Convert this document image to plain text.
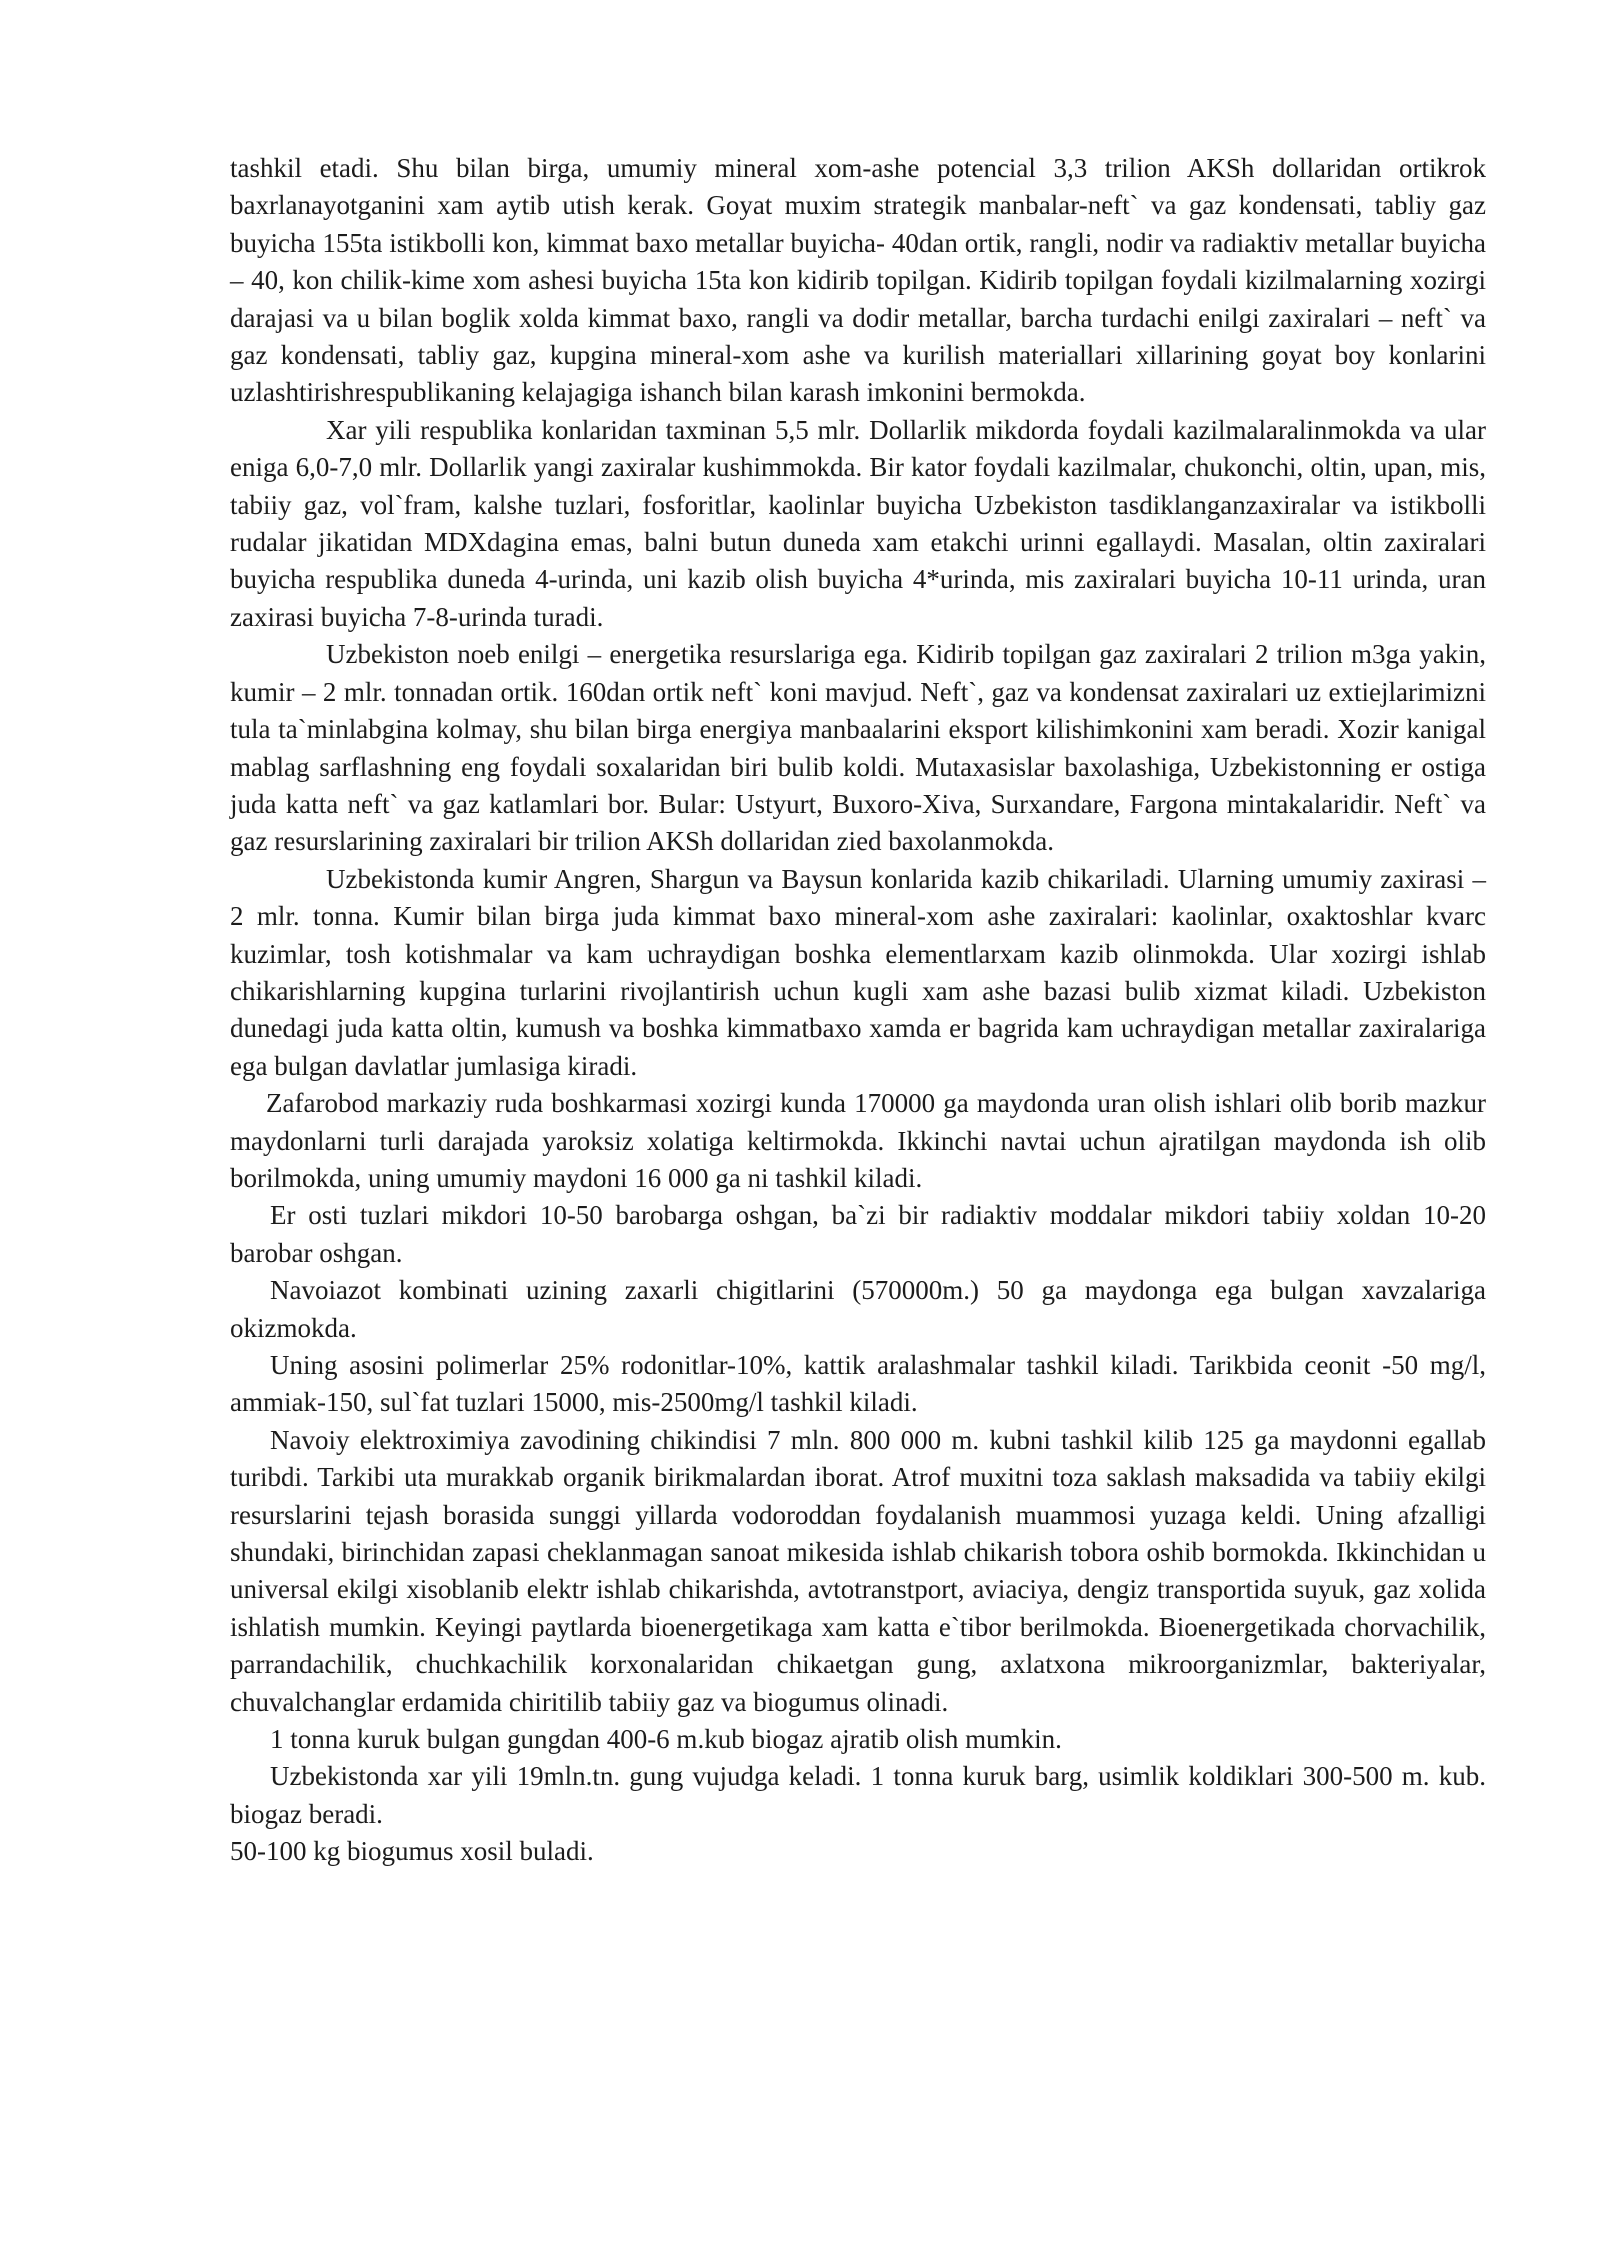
tashkil etadi. Shu bilan birga, umumiy mineral xom-ashe potencial 3,3 trilion AKSh dollaridan ortikrok baxrlanayotganini xam aytib utish kerak. Goyat muxim strategik manbalar-neft` va gaz kondensati, tabliy gaz buyicha 155ta istikbolli kon, kimmat baxo metallar buyicha- 40dan ortik, rangli, nodir va radiaktiv metallar buyicha – 40, kon chilik-kime xom ashesi buyicha 15ta kon kidirib topilgan. Kidirib topilgan foydali kizilmalarning xozirgi darajasi va u bilan boglik xolda kimmat baxo, rangli va dodir metallar, barcha turdachi enilgi zaxiralari – neft` va gaz kondensati, tabliy gaz, kupgina mineral-xom ashe va kurilish materiallari xillarining goyat boy konlarini uzlashtirishrespublikaning kelajagiga ishanch bilan karash imkonini bermokda.

Xar yili respublika konlaridan taxminan 5,5 mlr. Dollarlik mikdorda foydali kazilmalaralinmokda va ular eniga 6,0-7,0 mlr. Dollarlik yangi zaxiralar kushimmokda. Bir kator foydali kazilmalar, chukonchi, oltin, upan, mis, tabiiy gaz, vol`fram, kalshe tuzlari, fosforitlar, kaolinlar buyicha Uzbekiston tasdiklanganzaxiralar va istikbolli rudalar jikatidan MDXdagina emas, balni butun duneda xam etakchi urinni egallaydi. Masalan, oltin zaxiralari buyicha respublika duneda 4-urinda, uni kazib olish buyicha 4*urinda, mis zaxiralari buyicha 10-11 urinda, uran zaxirasi buyicha 7-8-urinda turadi.

Uzbekiston noeb enilgi – energetika resurslariga ega. Kidirib topilgan gaz zaxiralari 2 trilion m3ga yakin, kumir – 2 mlr. tonnadan ortik. 160dan ortik neft` koni mavjud. Neft`, gaz va kondensat zaxiralari uz extiejlarimizni tula ta`minlabgina kolmay, shu bilan birga energiya manbaalarini eksport kilishimkonini xam beradi. Xozir kanigal mablag sarflashning eng foydali soxalaridan biri bulib koldi. Mutaxasislar baxolashiga, Uzbekistonning er ostiga juda katta neft` va gaz katlamlari bor. Bular: Ustyurt, Buxoro-Xiva, Surxandare, Fargona mintakalaridir. Neft` va gaz resurslarining zaxiralari bir trilion AKSh dollaridan zied baxolanmokda.

Uzbekistonda kumir Angren, Shargun va Baysun konlarida kazib chikariladi. Ularning umumiy zaxirasi – 2 mlr. tonna. Kumir bilan birga juda kimmat baxo mineral-xom ashe zaxiralari: kaolinlar, oxaktoshlar kvarc kuzimlar, tosh kotishmalar va kam uchraydigan boshka elementlarxam kazib olinmokda. Ular xozirgi ishlab chikarishlarning kupgina turlarini rivojlantirish uchun kugli xam ashe bazasi bulib xizmat kiladi. Uzbekiston dunedagi juda katta oltin, kumush va boshka kimmatbaxo xamda er bagrida kam uchraydigan metallar zaxiralariga ega bulgan davlatlar jumlasiga kiradi.

Zafarobod markaziy ruda boshkarmasi xozirgi kunda 170000 ga maydonda uran olish ishlari olib borib mazkur maydonlarni turli darajada yaroksiz xolatiga keltirmokda. Ikkinchi navtai uchun ajratilgan maydonda ish olib borilmokda, uning umumiy maydoni 16 000 ga ni tashkil kiladi.

Er osti tuzlari mikdori 10-50 barobarga oshgan, ba`zi bir radiaktiv moddalar mikdori tabiiy xoldan 10-20 barobar oshgan.

Navoiazot kombinati uzining zaxarli chigitlarini (570000m.) 50 ga maydonga ega bulgan xavzalariga okizmokda.

Uning asosini polimerlar 25% rodonitlar-10%, kattik aralashmalar tashkil kiladi. Tarikbida ceonit -50 mg/l, ammiak-150, sul`fat tuzlari 15000, mis-2500mg/l tashkil kiladi.

Navoiy elektroximiya zavodining chikindisi 7 mln. 800 000 m. kubni tashkil kilib 125 ga maydonni egallab turibdi. Tarkibi uta murakkab organik birikmalardan iborat. Atrof muxitni toza saklash maksadida va tabiiy ekilgi resurslarini tejash borasida sunggi yillarda vodoroddan foydalanish muammosi yuzaga keldi. Uning afzalligi shundaki, birinchidan zapasi cheklanmagan sanoat mikesida ishlab chikarish tobora oshib bormokda. Ikkinchidan u universal ekilgi xisoblanib elektr ishlab chikarishda, avtotranstport, aviaciya, dengiz transportida suyuk, gaz xolida ishlatish mumkin. Keyingi paytlarda bioenergetikaga xam katta e`tibor berilmokda. Bioenergetikada chorvachilik, parrandachilik, chuchkachilik korxonalaridan chikaetgan gung, axlatxona mikroorganizmlar, bakteriyalar, chuvalchanglar erdamida chiritilib tabiiy gaz va biogumus olinadi.

1 tonna kuruk bulgan gungdan 400-6 m.kub biogaz ajratib olish mumkin.

Uzbekistonda xar yili 19mln.tn. gung vujudga keladi. 1 tonna kuruk barg, usimlik koldiklari 300-500 m. kub. biogaz beradi.

50-100 kg biogumus xosil buladi.
